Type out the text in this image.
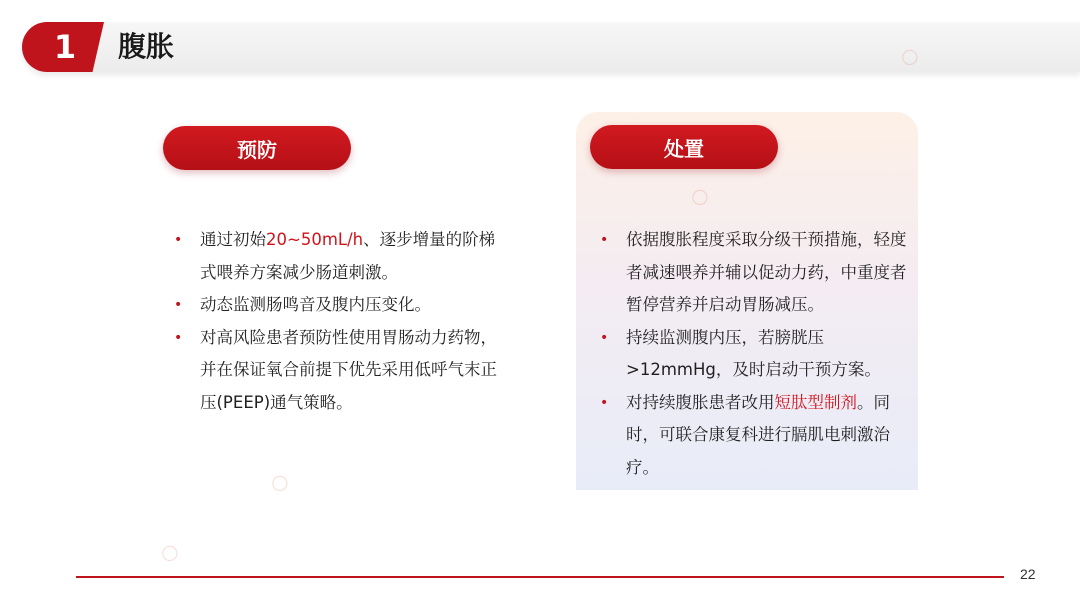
1 腹胀	○
○
○
○
预防	处置
• 通过初始20~50mL/h、逐步增量的阶梯式喂养方案减少肠道刺激。
• 动态监测肠鸣音及腹内压变化。
• 对高风险患者预防性使用胃肠动力药物，并在保证氧合前提下优先采用低呼气末正压(PEEP)通气策略。
• 依据腹胀程度采取分级干预措施，轻度者减速喂养并辅以促动力药，中重度者暂停营养并启动胃肠减压。
• 持续监测腹内压，若膀胱压>12mmHg，及时启动干预方案。
• 对持续腹胀患者改用短肽型制剂。同时，可联合康复科进行膈肌电刺激治疗。
22
